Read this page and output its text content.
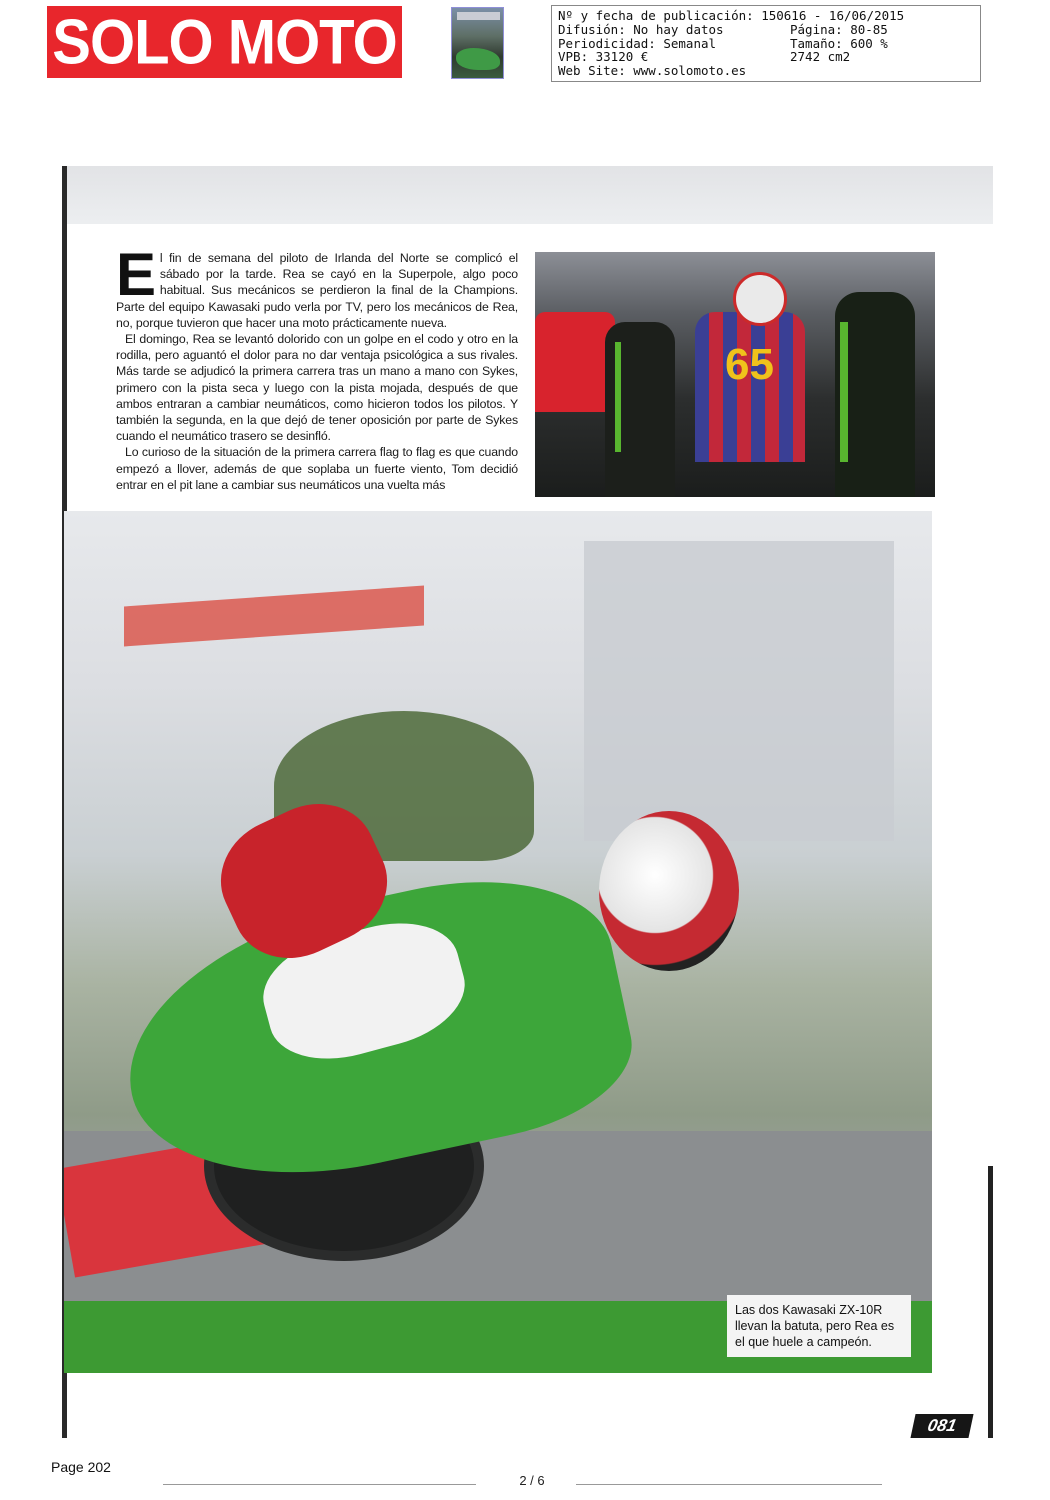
SOLO MOTO	Nº y fecha de publicación: 150616 - 16/06/2015
Difusión: No hay datos	Página: 80-85
Periodicidad: Semanal	Tamaño: 600 %
VPB: 33120 €	2742 cm2
Web Site: www.solomoto.es

El fin de semana del piloto de Irlanda del Norte se complicó el sábado por la tarde. Rea se cayó en la Superpole, algo poco habitual. Sus mecánicos se perdieron la final de la Champions. Parte del equipo Kawasaki pudo verla por TV, pero los mecánicos de Rea, no, porque tuvieron que hacer una moto prácticamente nueva.

El domingo, Rea se levantó dolorido con un golpe en el codo y otro en la rodilla, pero aguantó el dolor para no dar ventaja psicológica a sus rivales. Más tarde se adjudicó la primera carrera tras un mano a mano con Sykes, primero con la pista seca y luego con la pista mojada, después de que ambos entraran a cambiar neumáticos, como hicieron todos los pilotos. Y también la segunda, en la que dejó de tener oposición por parte de Sykes cuando el neumático trasero se desinfló.

Lo curioso de la situación de la primera carrera flag to flag es que cuando empezó a llover, además de que soplaba un fuerte viento, Tom decidió entrar en el pit lane a cambiar sus neumáticos una vuelta más

65
Las dos Kawasaki ZX-10R llevan la batuta, pero Rea es el que huele a campeón.
081
Page 202
2 / 6
